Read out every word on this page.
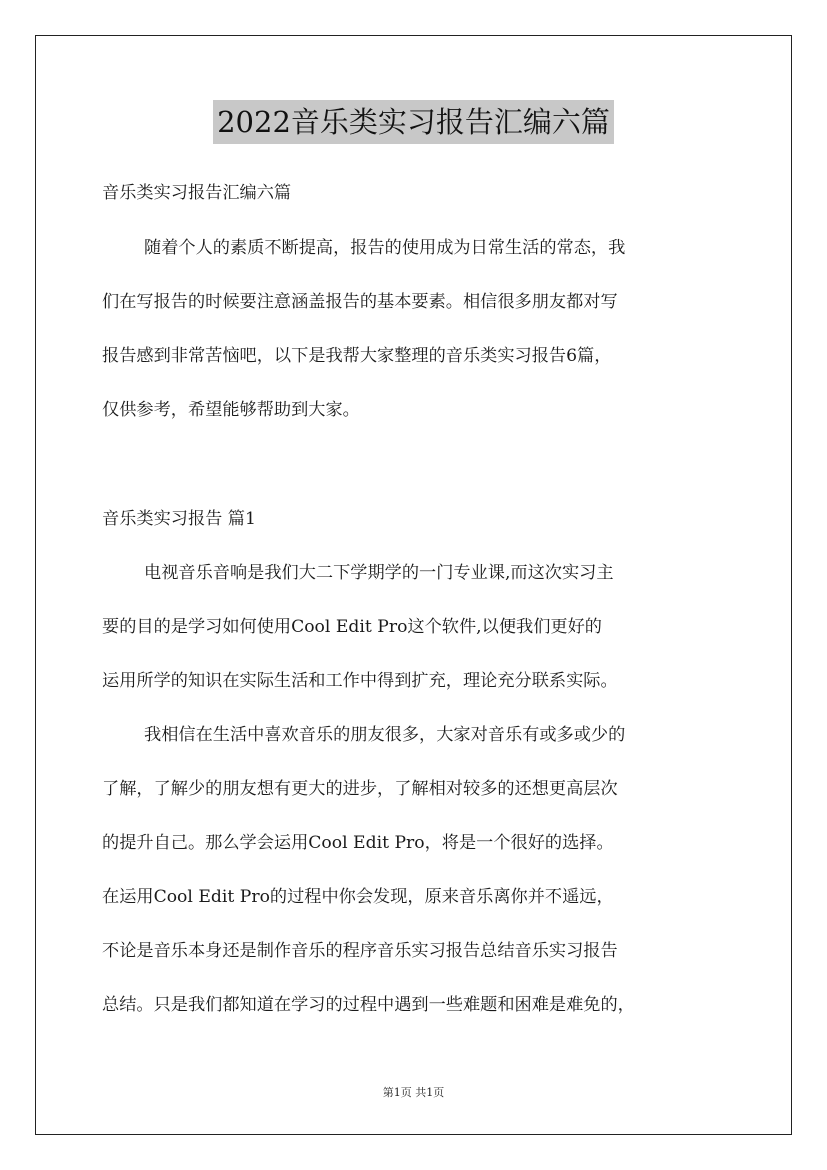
2022音乐类实习报告汇编六篇
音乐类实习报告汇编六篇
随着个人的素质不断提高，报告的使用成为日常生活的常态，我
们在写报告的时候要注意涵盖报告的基本要素。相信很多朋友都对写
报告感到非常苦恼吧，以下是我帮大家整理的音乐类实习报告6篇，
仅供参考，希望能够帮助到大家。
音乐类实习报告 篇1
电视音乐音响是我们大二下学期学的一门专业课,而这次实习主
要的目的是学习如何使用Cool Edit Pro这个软件,以便我们更好的
运用所学的知识在实际生活和工作中得到扩充，理论充分联系实际。
我相信在生活中喜欢音乐的朋友很多，大家对音乐有或多或少的
了解，了解少的朋友想有更大的进步，了解相对较多的还想更高层次
的提升自己。那么学会运用Cool Edit Pro，将是一个很好的选择。
在运用Cool Edit Pro的过程中你会发现，原来音乐离你并不遥远，
不论是音乐本身还是制作音乐的程序音乐实习报告总结音乐实习报告
总结。只是我们都知道在学习的过程中遇到一些难题和困难是难免的，
第1页 共1页
